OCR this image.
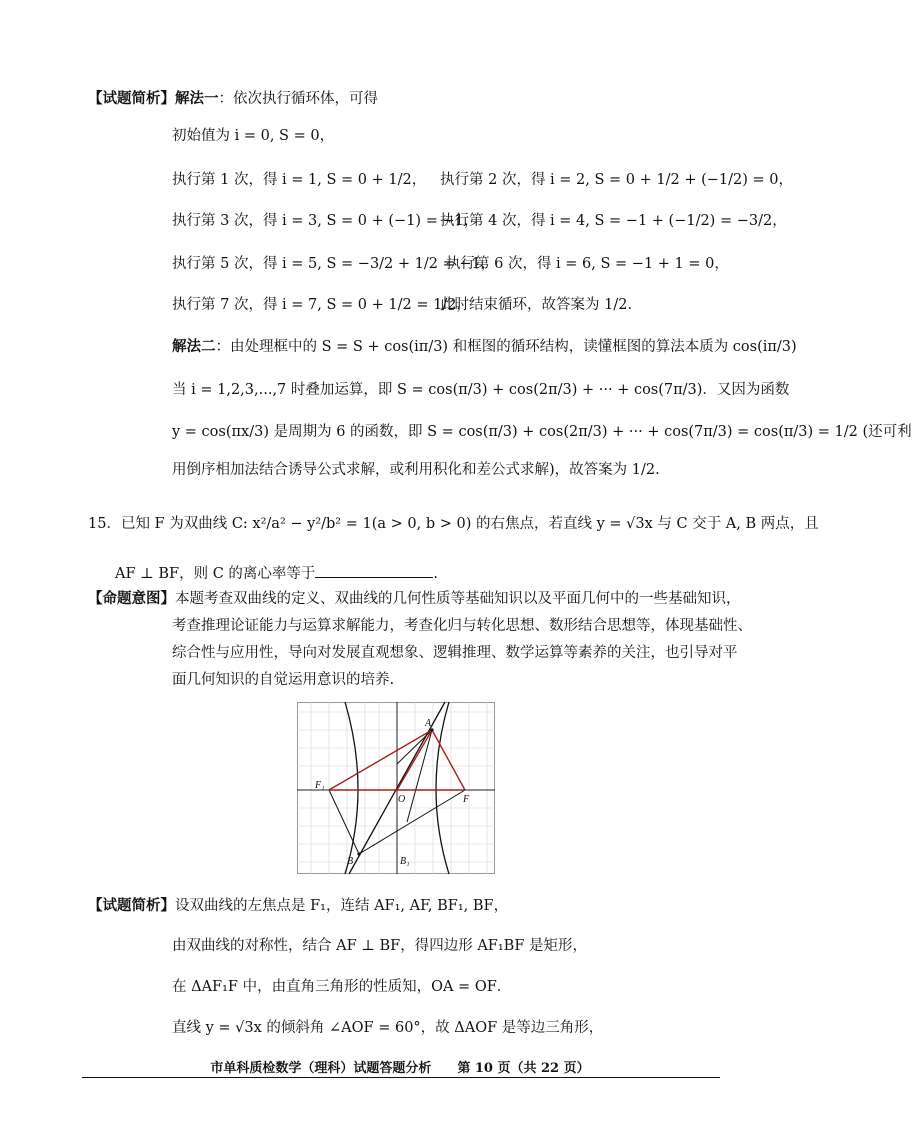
【试题简析】解法一：依次执行循环体，可得
初始值为 i = 0, S = 0，
执行第 1 次，得 i = 1, S = 0 + 1/2， 执行第 2 次，得 i = 2, S = 0 + 1/2 + (−1/2) = 0，
执行第 3 次，得 i = 3, S = 0 + (−1) = −1，
执行第 4 次，得 i = 4, S = −1 + (−1/2) = −3/2，
执行第 5 次，得 i = 5, S = −3/2 + 1/2 = −1，
执行第 6 次，得 i = 6, S = −1 + 1 = 0，
执行第 7 次，得 i = 7, S = 0 + 1/2 = 1/2，
此时结束循环，故答案为 1/2.
解法二：由处理框中的 S = S + cos(iπ/3) 和框图的循环结构，读懂框图的算法本质为 cos(iπ/3)
当 i = 1,2,3,...,7 时叠加运算，即 S = cos(π/3) + cos(2π/3) + ··· + cos(7π/3)．又因为函数
y = cos(πx/3) 是周期为 6 的函数，即 S = cos(π/3) + cos(2π/3) + ··· + cos(7π/3) = cos(π/3) = 1/2 (还可利
用倒序相加法结合诱导公式求解，或利用积化和差公式求解)，故答案为 1/2.
15．已知 F 为双曲线 C: x²/a² − y²/b² = 1(a > 0, b > 0) 的右焦点，若直线 y = √3x 与 C 交于 A, B 两点，且
AF ⊥ BF，则 C 的离心率等于	.
【命题意图】本题考查双曲线的定义、双曲线的几何性质等基础知识以及平面几何中的一些基础知识，
考查推理论证能力与运算求解能力，考查化归与转化思想、数形结合思想等，体现基础性、
综合性与应用性，导向对发展直观想象、逻辑推理、数学运算等素养的关注，也引导对平
面几何知识的自觉运用意识的培养.
A
B
F₁
F
O
B₁
【试题简析】设双曲线的左焦点是 F₁，连结 AF₁, AF, BF₁, BF，
由双曲线的对称性，结合 AF ⊥ BF，得四边形 AF₁BF 是矩形，
在 ΔAF₁F 中，由直角三角形的性质知，OA = OF．
直线 y = √3x 的倾斜角 ∠AOF = 60°，故 ΔAOF 是等边三角形，
市单科质检数学（理科）试题答题分析　　第 10 页（共 22 页）
